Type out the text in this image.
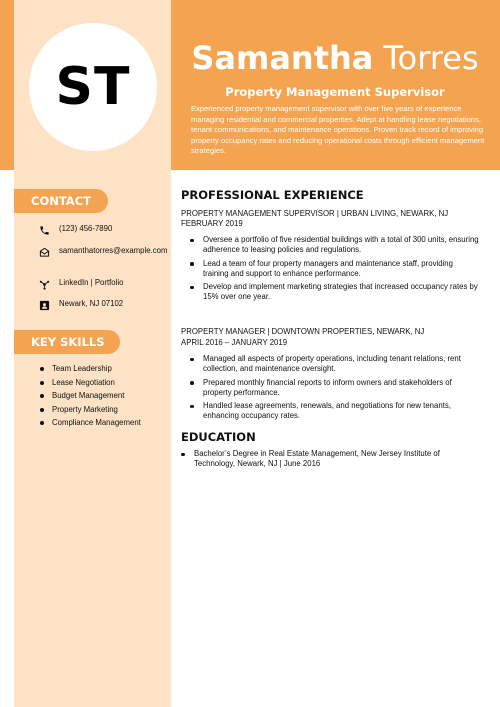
ST	Samantha Torres
Property Management Supervisor
Experienced property management supervisor with over five years of experience managing residential and commercial properties. Adept at handling lease negotiations, tenant communications, and maintenance operations. Proven track record of improving property occupancy rates and reducing operational costs through efficient management strategies.
CONTACT
(123) 456-7890
samanthatorres@example.com
LinkedIn | Portfolio
Newark, NJ 07102
KEY SKILLS
Team Leadership
Lease Negotiation
Budget Management
Property Marketing
Compliance Management
PROFESSIONAL EXPERIENCE
PROPERTY MANAGEMENT SUPERVISOR | URBAN LIVING, NEWARK, NJ
FEBRUARY 2019
Oversee a portfolio of five residential buildings with a total of 300 units, ensuring adherence to leasing policies and regulations.
Lead a team of four property managers and maintenance staff, providing training and support to enhance performance.
Develop and implement marketing strategies that increased occupancy rates by 15% over one year.
PROPERTY MANAGER | DOWNTOWN PROPERTIES, NEWARK, NJ
APRIL 2016 – JANUARY 2019
Managed all aspects of property operations, including tenant relations, rent collection, and maintenance oversight.
Prepared monthly financial reports to inform owners and stakeholders of property performance.
Handled lease agreements, renewals, and negotiations for new tenants, enhancing occupancy rates.
EDUCATION
Bachelor’s Degree in Real Estate Management, New Jersey Institute of Technology, Newark, NJ | June 2016
